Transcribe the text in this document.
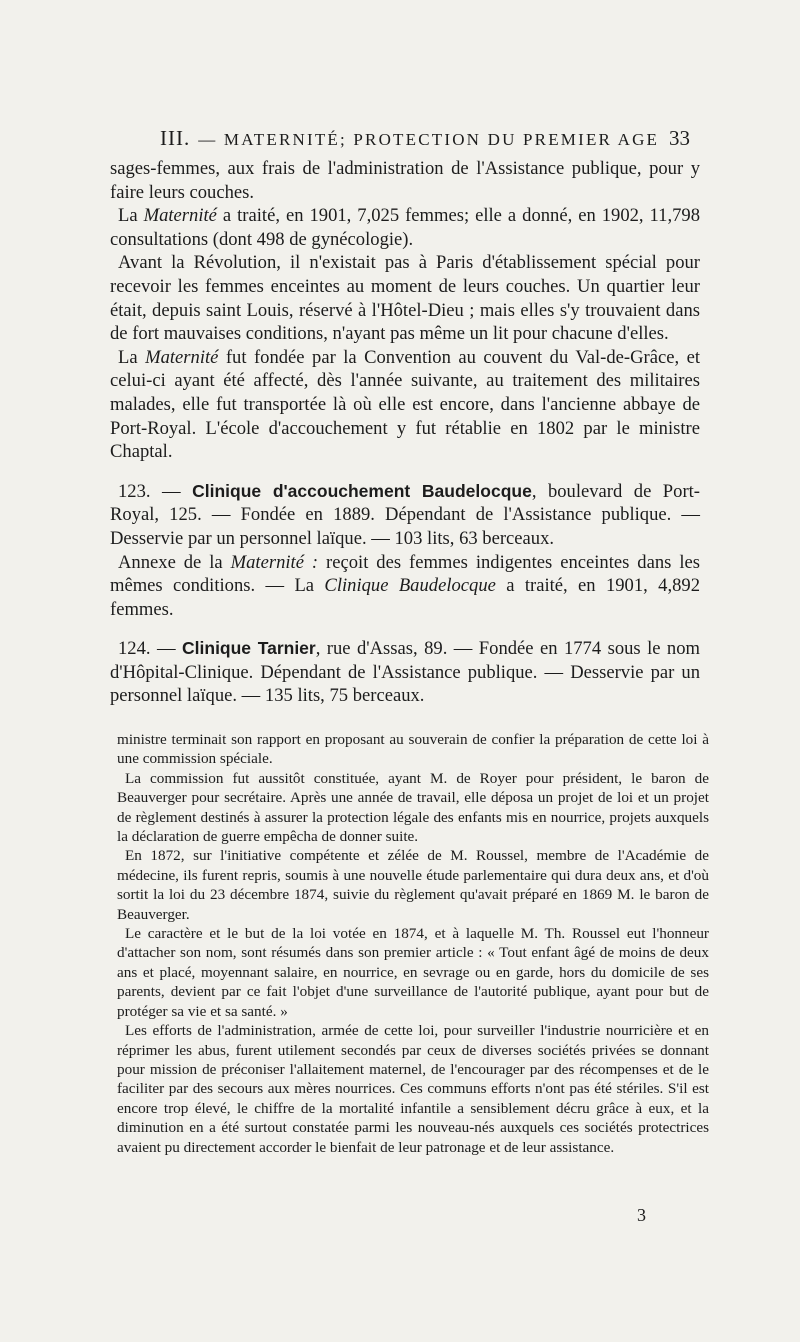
III. — MATERNITÉ; PROTECTION DU PREMIER AGE 33

sages-femmes, aux frais de l'administration de l'Assistance publique, pour y faire leurs couches.

La Maternité a traité, en 1901, 7,025 femmes; elle a donné, en 1902, 11,798 consultations (dont 498 de gynécologie).

Avant la Révolution, il n'existait pas à Paris d'établissement spécial pour recevoir les femmes enceintes au moment de leurs couches. Un quartier leur était, depuis saint Louis, réservé à l'Hôtel-Dieu ; mais elles s'y trouvaient dans de fort mauvaises conditions, n'ayant pas même un lit pour chacune d'elles.

La Maternité fut fondée par la Convention au couvent du Val-de-Grâce, et celui-ci ayant été affecté, dès l'année suivante, au traitement des militaires malades, elle fut transportée là où elle est encore, dans l'ancienne abbaye de Port-Royal. L'école d'accouchement y fut rétablie en 1802 par le ministre Chaptal.

123. — Clinique d'accouchement Baudelocque, boulevard de Port-Royal, 125. — Fondée en 1889. Dépendant de l'Assistance publique. — Desservie par un personnel laïque. — 103 lits, 63 berceaux.

Annexe de la Maternité : reçoit des femmes indigentes enceintes dans les mêmes conditions. — La Clinique Baudelocque a traité, en 1901, 4,892 femmes.

124. — Clinique Tarnier, rue d'Assas, 89. — Fondée en 1774 sous le nom d'Hôpital-Clinique. Dépendant de l'Assistance publique. — Desservie par un personnel laïque. — 135 lits, 75 berceaux.

ministre terminait son rapport en proposant au souverain de confier la préparation de cette loi à une commission spéciale.

La commission fut aussitôt constituée, ayant M. de Royer pour président, le baron de Beauverger pour secrétaire. Après une année de travail, elle déposa un projet de loi et un projet de règlement destinés à assurer la protection légale des enfants mis en nourrice, projets auxquels la déclaration de guerre empêcha de donner suite.

En 1872, sur l'initiative compétente et zélée de M. Roussel, membre de l'Académie de médecine, ils furent repris, soumis à une nouvelle étude parlementaire qui dura deux ans, et d'où sortit la loi du 23 décembre 1874, suivie du règlement qu'avait préparé en 1869 M. le baron de Beauverger.

Le caractère et le but de la loi votée en 1874, et à laquelle M. Th. Roussel eut l'honneur d'attacher son nom, sont résumés dans son premier article : « Tout enfant âgé de moins de deux ans et placé, moyennant salaire, en nourrice, en sevrage ou en garde, hors du domicile de ses parents, devient par ce fait l'objet d'une surveillance de l'autorité publique, ayant pour but de protéger sa vie et sa santé. »

Les efforts de l'administration, armée de cette loi, pour surveiller l'industrie nourricière et en réprimer les abus, furent utilement secondés par ceux de diverses sociétés privées se donnant pour mission de préconiser l'allaitement maternel, de l'encourager par des récompenses et de le faciliter par des secours aux mères nourrices. Ces communs efforts n'ont pas été stériles. S'il est encore trop élevé, le chiffre de la mortalité infantile a sensiblement décru grâce à eux, et la diminution en a été surtout constatée parmi les nouveau-nés auxquels ces sociétés protectrices avaient pu directement accorder le bienfait de leur patronage et de leur assistance.

3
